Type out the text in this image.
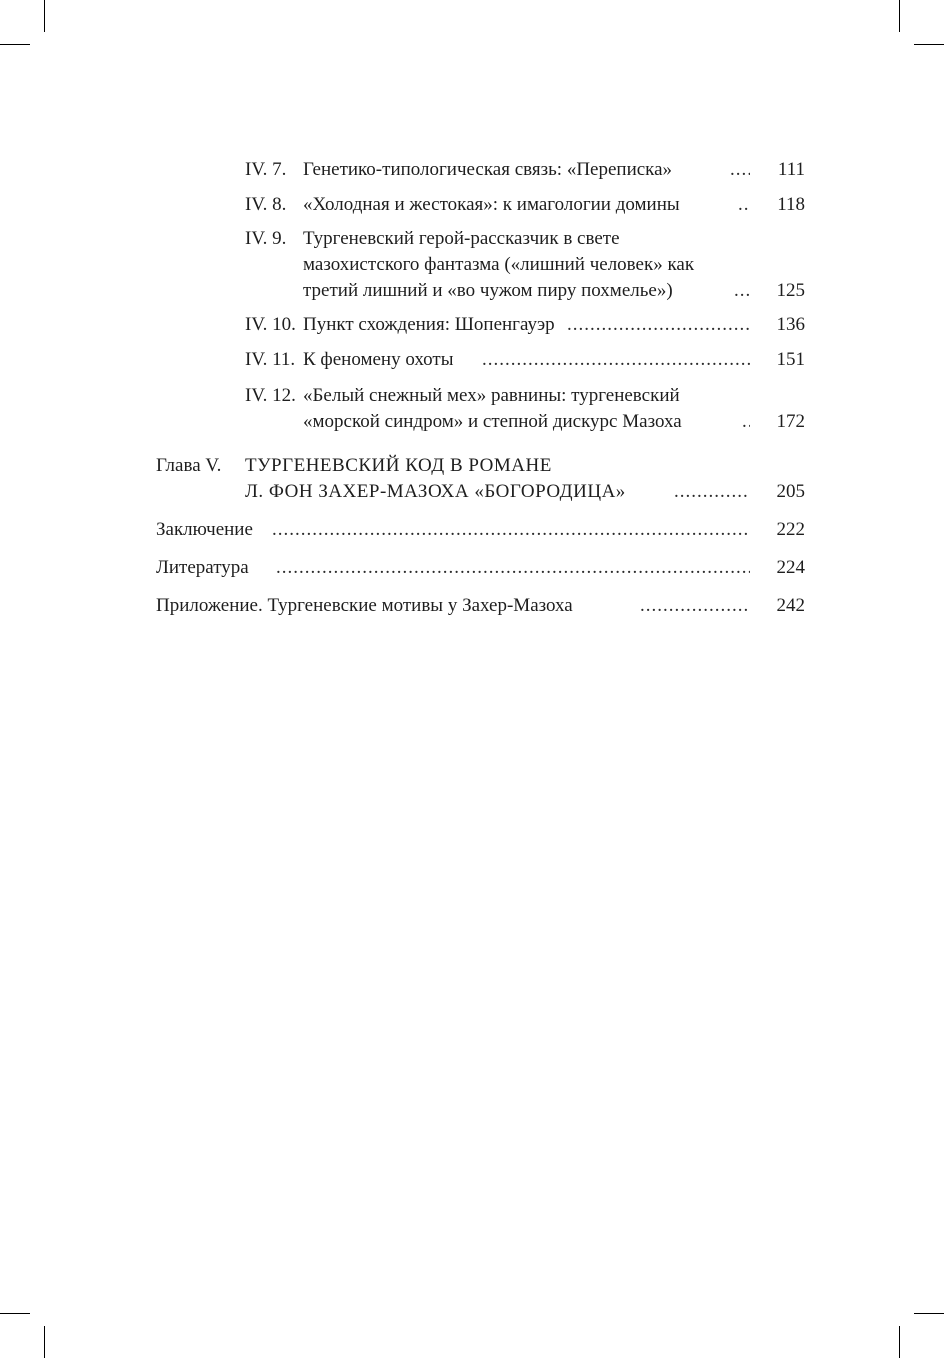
IV. 7. Генетико-типологическая связь: «Переписка» .....	111
IV. 8. «Холодная и жестокая»: к имагологии домины .....	118
IV. 9. Тургеневский герой-рассказчик в свете
мазохистского фантазма («лишний человек» как
третий лишний и «во чужом пиру похмелье») .....	125
IV. 10. Пункт схождения: Шопенгауэр .....	136
IV. 11. К феномену охоты .....	151
IV. 12. «Белый снежный мех» равнины: тургеневский
«морской синдром» и степной дискурс Мазоха .....	172
Глава V. ТУРГЕНЕВСКИЙ КОД В РОМАНЕ
Л. ФОН ЗАХЕР-МАЗОХА «БОГОРОДИЦА» .....	205
Заключение .....	222
Литература .....	224
Приложение. Тургеневские мотивы у Захер-Мазоха .....	242
